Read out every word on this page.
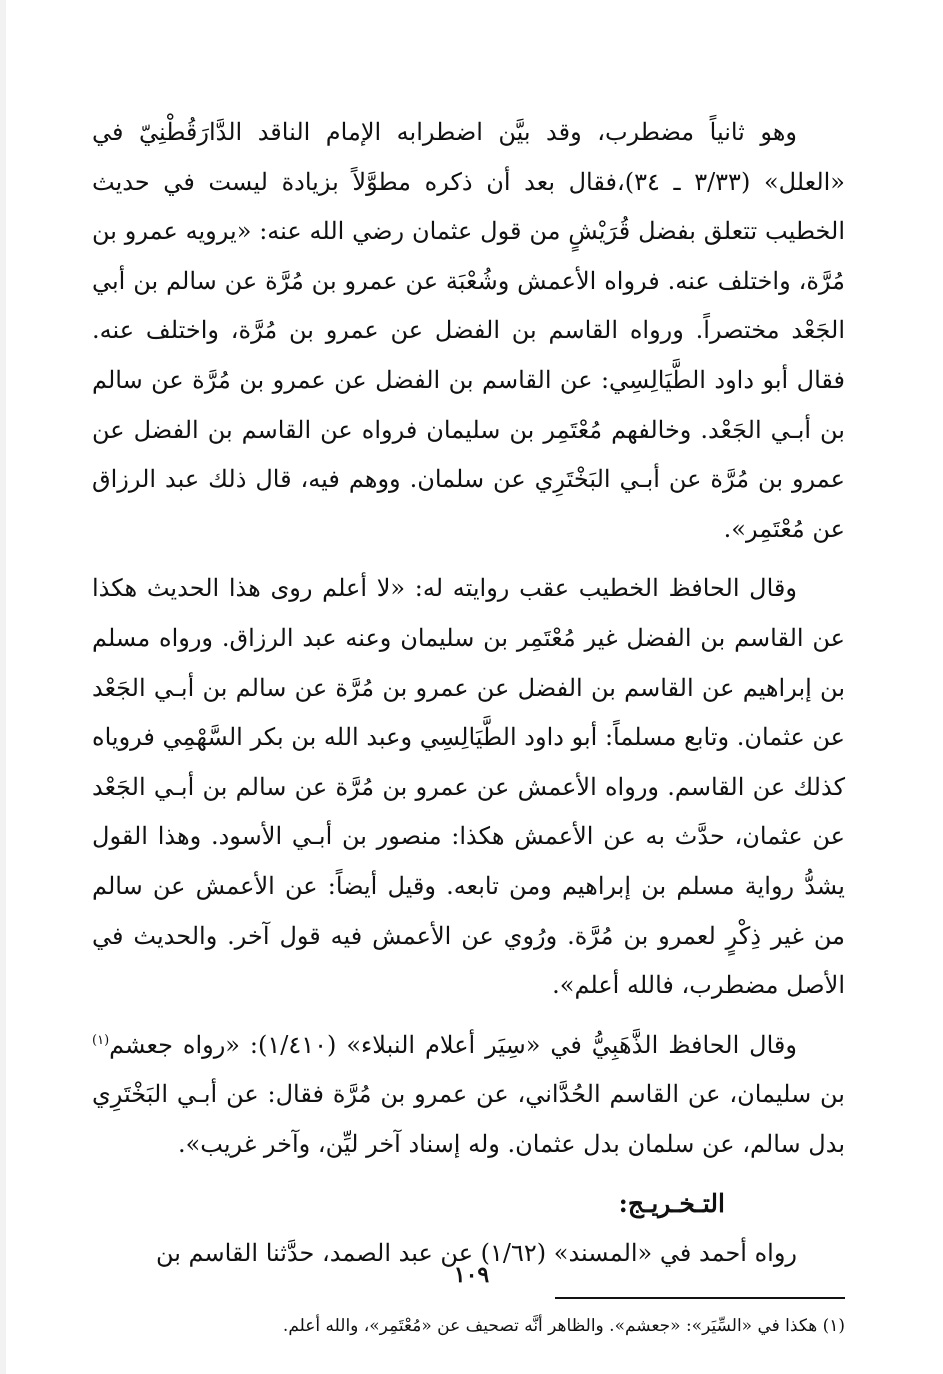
وهو ثانياً مضطرب، وقد بيَّن اضطرابه الإمام الناقد الدَّارَقُطْنِيّ في «العلل» (٣/٣٣ ـ ٣٤)،فقال بعد أن ذكره مطوَّلاً بزيادة ليست في حديث الخطيب تتعلق بفضل قُرَيْشٍ من قول عثمان رضي الله عنه: «يرويه عمرو بن مُرَّة، واختلف عنه. فرواه الأعمش وشُعْبَة عن عمرو بن مُرَّة عن سالم بن أبي الجَعْد مختصراً. ورواه القاسم بن الفضل عن عمرو بن مُرَّة، واختلف عنه. فقال أبو داود الطَّيَالِسِي: عن القاسم بن الفضل عن عمرو بن مُرَّة عن سالم بن أبـي الجَعْد. وخالفهم مُعْتَمِر بن سليمان فرواه عن القاسم بن الفضل عن عمرو بن مُرَّة عن أبـي البَخْتَرِي عن سلمان. ووهم فيه، قال ذلك عبد الرزاق عن مُعْتَمِر».

وقال الحافظ الخطيب عقب روايته له: «لا أعلم روى هذا الحديث هكذا عن القاسم بن الفضل غير مُعْتَمِر بن سليمان وعنه عبد الرزاق. ورواه مسلم بن إبراهيم عن القاسم بن الفضل عن عمرو بن مُرَّة عن سالم بن أبـي الجَعْد عن عثمان. وتابع مسلماً: أبو داود الطَّيَالِسِي وعبد الله بن بكر السَّهْمِي فروياه كذلك عن القاسم. ورواه الأعمش عن عمرو بن مُرَّة عن سالم بن أبـي الجَعْد عن عثمان، حدَّث به عن الأعمش هكذا: منصور بن أبـي الأسود. وهذا القول يشدُّ رواية مسلم بن إبراهيم ومن تابعه. وقيل أيضاً: عن الأعمش عن سالم من غير ذِكْرٍ لعمرو بن مُرَّة. ورُوي عن الأعمش فيه قول آخر. والحديث في الأصل مضطرب، فالله أعلم».

وقال الحافظ الذَّهَبِيُّ في «سِيَر أعلام النبلاء» (١/٤١٠): «رواه جعشم$^{(١)}$ بن سليمان، عن القاسم الحُدَّاني، عن عمرو بن مُرَّة فقال: عن أبـي البَخْتَرِي بدل سالم، عن سلمان بدل عثمان. وله إسناد آخر ليِّن، وآخر غريب».

التـخـريـج:

رواه أحمد في «المسند» (١/٦٢) عن عبد الصمد، حدَّثنا القاسم بن

(١) هكذا في «السِّيَر»: «جعشم». والظاهر أنَّه تصحيف عن «مُعْتَمِر»، والله أعلم.

١٠٩
